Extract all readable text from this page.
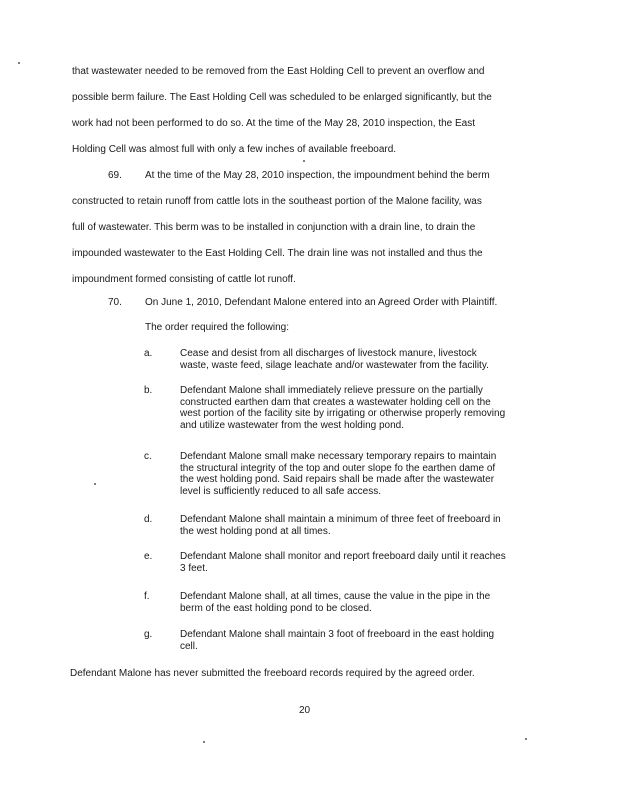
that wastewater needed to be removed from the East Holding Cell to prevent an overflow and
possible berm failure. The East Holding Cell was scheduled to be enlarged significantly, but the
work had not been performed to do so. At the time of the May 28, 2010 inspection, the East
Holding Cell was almost full with only a few inches of available freeboard.
69. At the time of the May 28, 2010 inspection, the impoundment behind the berm
constructed to retain runoff from cattle lots in the southeast portion of the Malone facility, was
full of wastewater. This berm was to be installed in conjunction with a drain line, to drain the
impounded wastewater to the East Holding Cell. The drain line was not installed and thus the
impoundment formed consisting of cattle lot runoff.
70. On June 1, 2010, Defendant Malone entered into an Agreed Order with Plaintiff.
The order required the following:
a.	Cease and desist from all discharges of livestock manure, livestock
waste, waste feed, silage leachate and/or wastewater from the facility.
b.	Defendant Malone shall immediately relieve pressure on the partially
constructed earthen dam that creates a wastewater holding cell on the
west portion of the facility site by irrigating or otherwise properly removing
and utilize wastewater from the west holding pond.
c.	Defendant Malone small make necessary temporary repairs to maintain
the structural integrity of the top and outer slope fo the earthen dame of
the west holding pond. Said repairs shall be made after the wastewater
level is sufficiently reduced to all safe access.
d.	Defendant Malone shall maintain a minimum of three feet of freeboard in
the west holding pond at all times.
e.	Defendant Malone shall monitor and report freeboard daily until it reaches
3 feet.
f.	Defendant Malone shall, at all times, cause the value in the pipe in the
berm of the east holding pond to be closed.
g.	Defendant Malone shall maintain 3 foot of freeboard in the east holding
cell.
Defendant Malone has never submitted the freeboard records required by the agreed order.
20
